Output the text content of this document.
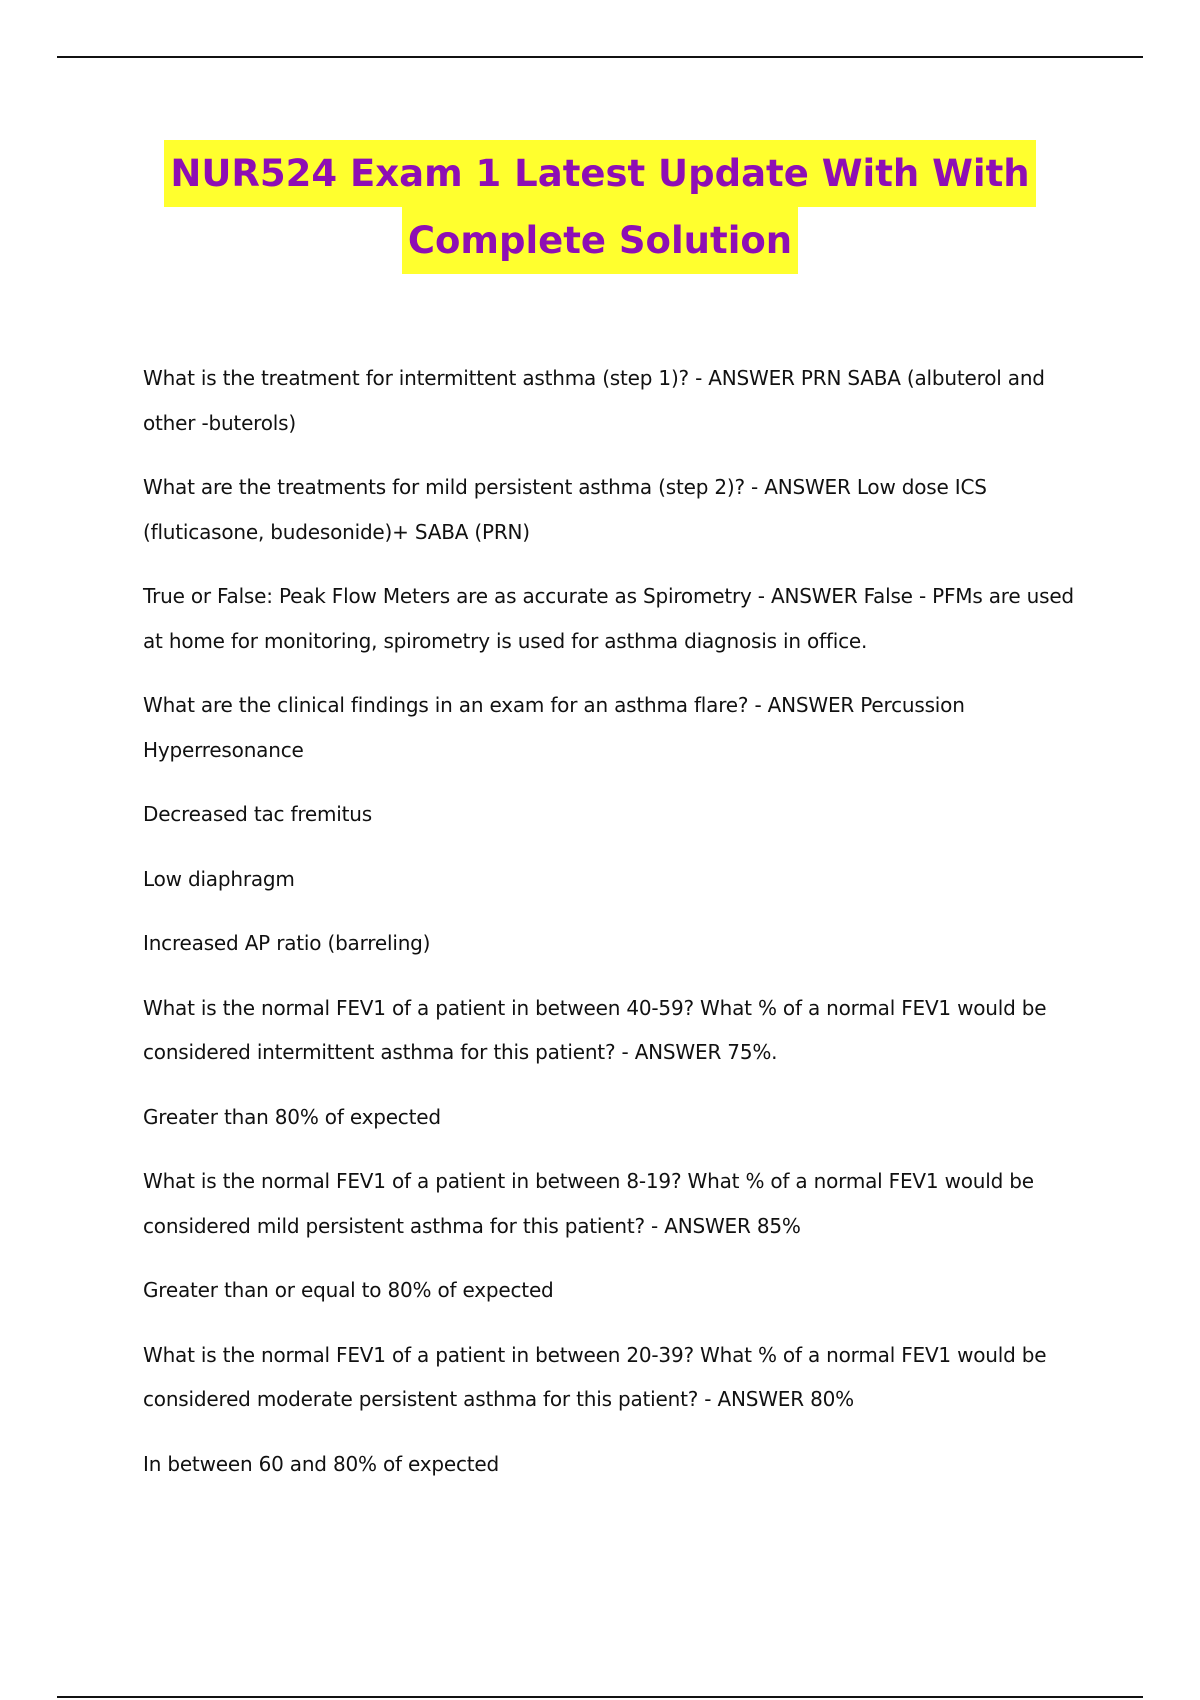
NUR524 Exam 1 Latest Update With With
Complete Solution

What is the treatment for intermittent asthma (step 1)? - ANSWER PRN SABA (albuterol and other -buterols)

What are the treatments for mild persistent asthma (step 2)? - ANSWER Low dose ICS (fluticasone, budesonide)+ SABA (PRN)

True or False: Peak Flow Meters are as accurate as Spirometry - ANSWER False - PFMs are used at home for monitoring, spirometry is used for asthma diagnosis in office.

What are the clinical findings in an exam for an asthma flare? - ANSWER Percussion Hyperresonance

Decreased tac fremitus

Low diaphragm

Increased AP ratio (barreling)

What is the normal FEV1 of a patient in between 40-59? What % of a normal FEV1 would be considered intermittent asthma for this patient? - ANSWER 75%.

Greater than 80% of expected

What is the normal FEV1 of a patient in between 8-19? What % of a normal FEV1 would be considered mild persistent asthma for this patient? - ANSWER 85%

Greater than or equal to 80% of expected

What is the normal FEV1 of a patient in between 20-39? What % of a normal FEV1 would be considered moderate persistent asthma for this patient? - ANSWER 80%

In between 60 and 80% of expected
